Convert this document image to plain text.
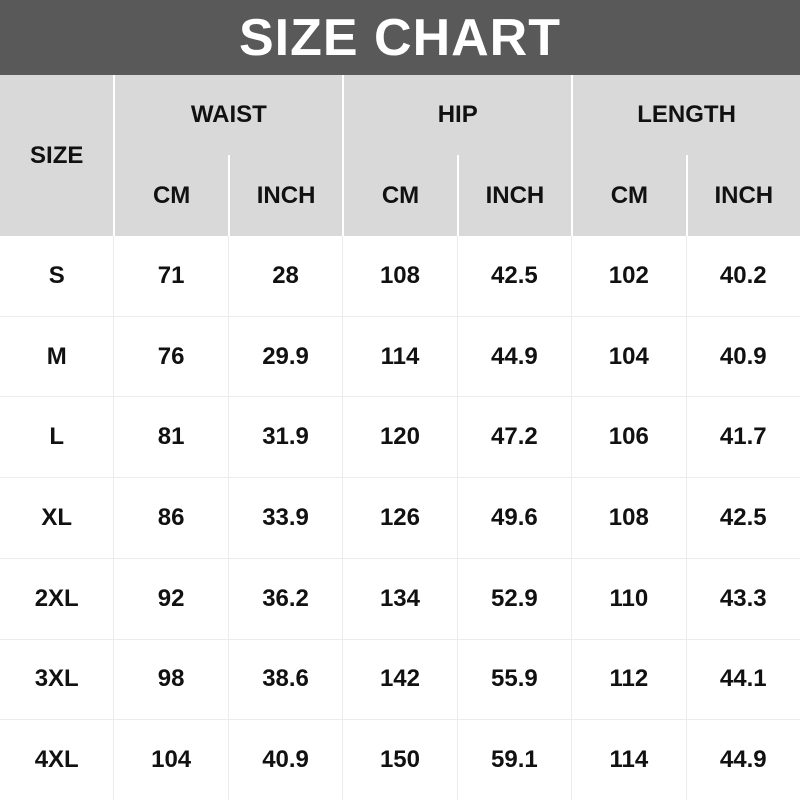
SIZE CHART
SIZE
WAIST
CM	INCH
HIP
CM	INCH
LENGTH
CM	INCH
S	71	28	108	42.5	102	40.2
M	76	29.9	114	44.9	104	40.9
L	81	31.9	120	47.2	106	41.7
XL	86	33.9	126	49.6	108	42.5
2XL	92	36.2	134	52.9	110	43.3
3XL	98	38.6	142	55.9	112	44.1
4XL	104	40.9	150	59.1	114	44.9
